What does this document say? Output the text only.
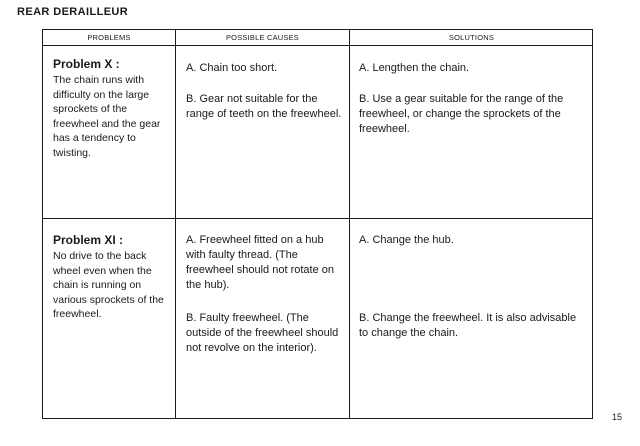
REAR DERAILLEUR
PROBLEMS	POSSIBLE CAUSES	SOLUTIONS
Problem X :
The chain runs with difficulty on the large sprockets of the freewheel and the gear has a tendency to twisting.
A. Chain too short.
B. Gear not suitable for the range of teeth on the freewheel.
A. Lengthen the chain.
B. Use a gear suitable for the range of the freewheel, or change the sprockets of the freewheel.
Problem XI :
No drive to the back wheel even when the chain is running on various sprockets of the freewheel.
A. Freewheel fitted on a hub with faulty thread. (The freewheel should not rotate on the hub).
B. Faulty freewheel. (The outside of the freewheel should not revolve on the interior).
A. Change the hub.
B. Change the freewheel. It is also advisable to change the chain.
15
